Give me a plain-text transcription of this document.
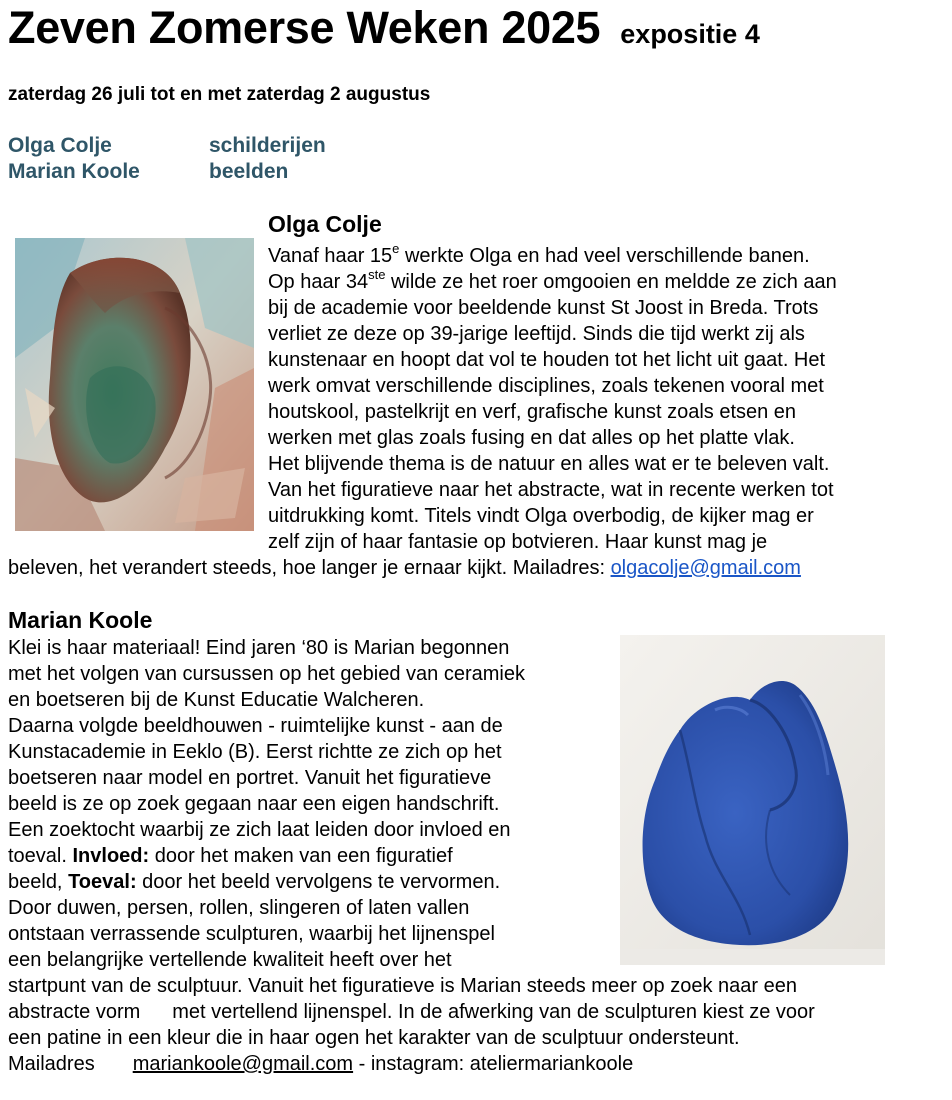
Zeven Zomerse Weken 2025 expositie 4
zaterdag 26 juli tot en met zaterdag 2 augustus
Olga Colje	schilderijen
Marian Koole	beelden
Olga Colje
Vanaf haar 15e werkte Olga en had veel verschillende banen.
Op haar 34ste wilde ze het roer omgooien en meldde ze zich aan
bij de academie voor beeldende kunst St Joost in Breda. Trots
verliet ze deze op 39-jarige leeftijd. Sinds die tijd werkt zij als
kunstenaar en hoopt dat vol te houden tot het licht uit gaat. Het
werk omvat verschillende disciplines, zoals tekenen vooral met
houtskool, pastelkrijt en verf, grafische kunst zoals etsen en
werken met glas zoals fusing en dat alles op het platte vlak.
Het blijvende thema is de natuur en alles wat er te beleven valt.
Van het figuratieve naar het abstracte, wat in recente werken tot
uitdrukking komt. Titels vindt Olga overbodig, de kijker mag er
zelf zijn of haar fantasie op botvieren. Haar kunst mag je
beleven, het verandert steeds, hoe langer je ernaar kijkt. Mailadres: olgacolje@gmail.com
Marian Koole
Klei is haar materiaal! Eind jaren ‘80 is Marian begonnen
met het volgen van cursussen op het gebied van ceramiek
en boetseren bij de Kunst Educatie Walcheren.
Daarna volgde beeldhouwen - ruimtelijke kunst - aan de
Kunstacademie in Eeklo (B). Eerst richtte ze zich op het
boetseren naar model en portret. Vanuit het figuratieve
beeld is ze op zoek gegaan naar een eigen handschrift.
Een zoektocht waarbij ze zich laat leiden door invloed en
toeval. Invloed: door het maken van een figuratief
beeld, Toeval: door het beeld vervolgens te vervormen.
Door duwen, persen, rollen, slingeren of laten vallen
ontstaan verrassende sculpturen, waarbij het lijnenspel
een belangrijke vertellende kwaliteit heeft over het
startpunt van de sculptuur. Vanuit het figuratieve is Marian steeds meer op zoek naar een
abstracte vorm met vertellend lijnenspel. In de afwerking van de sculpturen kiest ze voor
een patine in een kleur die in haar ogen het karakter van de sculptuur ondersteunt.
Mailadres mariankoole@gmail.com - instagram: ateliermariankoole
